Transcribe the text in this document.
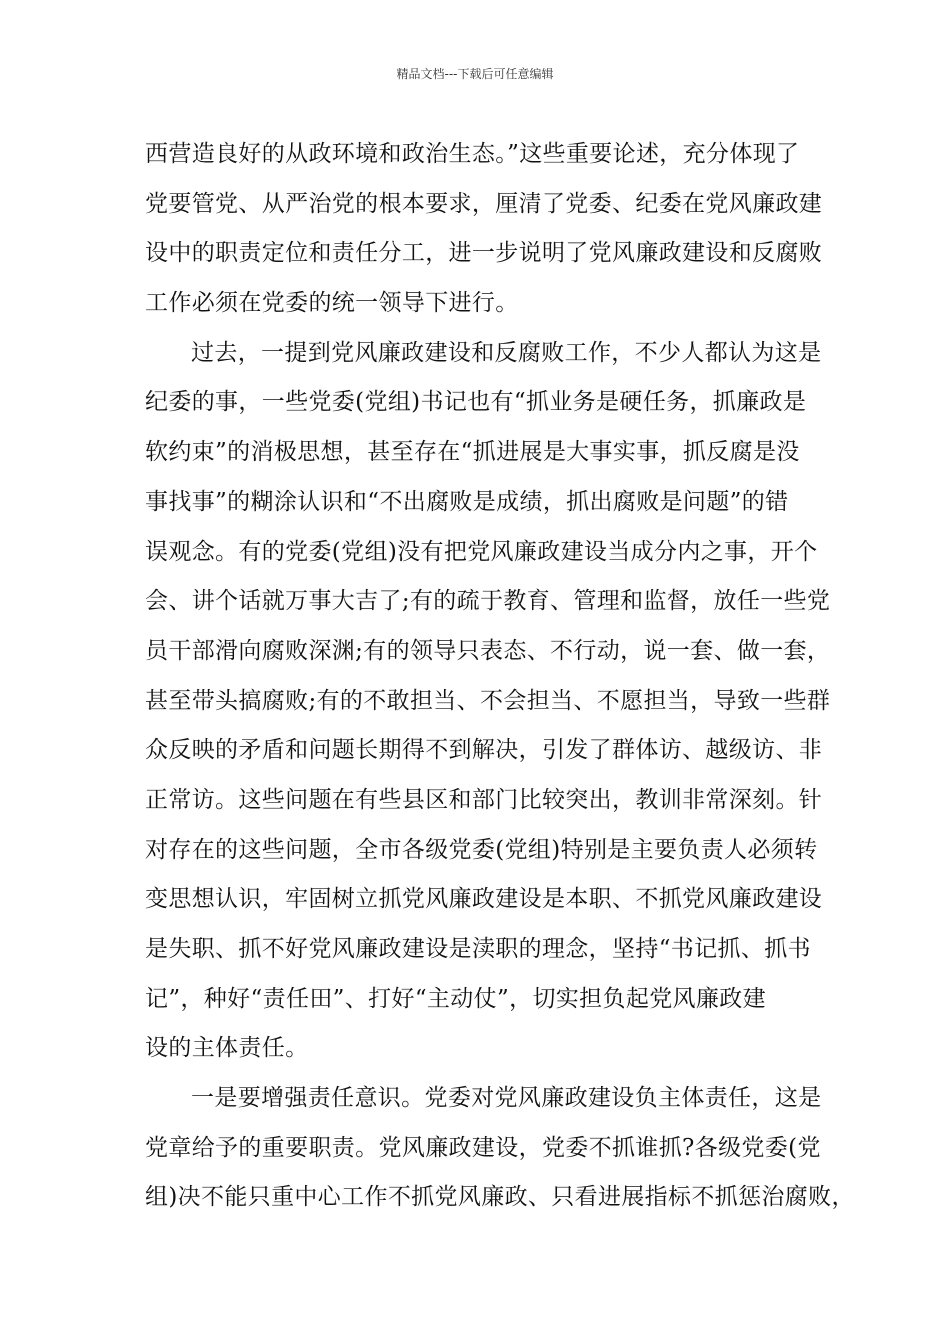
精品文档---下载后可任意编辑
西营造良好的从政环境和政治生态。”这些重要论述，充分体现了
党要管党、从严治党的根本要求，厘清了党委、纪委在党风廉政建
设中的职责定位和责任分工，进一步说明了党风廉政建设和反腐败
工作必须在党委的统一领导下进行。
过去，一提到党风廉政建设和反腐败工作，不少人都认为这是
纪委的事，一些党委(党组)书记也有“抓业务是硬任务，抓廉政是
软约束”的消极思想，甚至存在“抓进展是大事实事，抓反腐是没
事找事”的糊涂认识和“不出腐败是成绩，抓出腐败是问题”的错
误观念。有的党委(党组)没有把党风廉政建设当成分内之事，开个
会、讲个话就万事大吉了;有的疏于教育、管理和监督，放任一些党
员干部滑向腐败深渊;有的领导只表态、不行动，说一套、做一套，
甚至带头搞腐败;有的不敢担当、不会担当、不愿担当，导致一些群
众反映的矛盾和问题长期得不到解决，引发了群体访、越级访、非
正常访。这些问题在有些县区和部门比较突出，教训非常深刻。针
对存在的这些问题，全市各级党委(党组)特别是主要负责人必须转
变思想认识，牢固树立抓党风廉政建设是本职、不抓党风廉政建设
是失职、抓不好党风廉政建设是渎职的理念，坚持“书记抓、抓书
记”，种好“责任田”、打好“主动仗”，切实担负起党风廉政建
设的主体责任。
一是要增强责任意识。党委对党风廉政建设负主体责任，这是
党章给予的重要职责。党风廉政建设，党委不抓谁抓?各级党委(党
组)决不能只重中心工作不抓党风廉政、只看进展指标不抓惩治腐败，
